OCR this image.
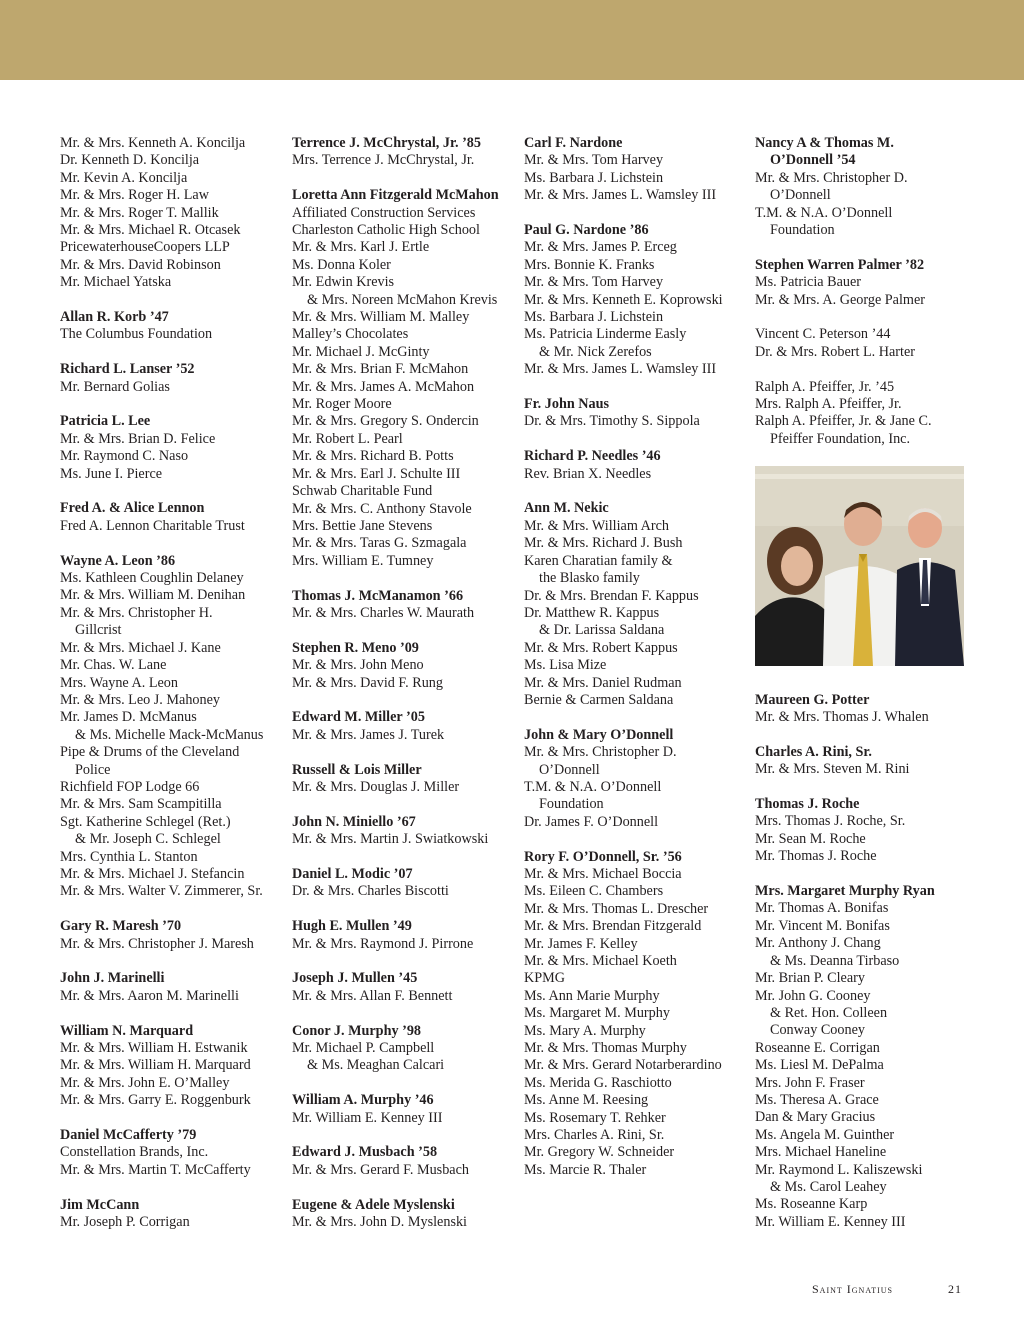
Mr. & Mrs. Kenneth A. Koncilja
Dr. Kenneth D. Koncilja
Mr. Kevin A. Koncilja
Mr. & Mrs. Roger H. Law
Mr. & Mrs. Roger T. Mallik
Mr. & Mrs. Michael R. Otcasek
PricewaterhouseCoopers LLP
Mr. & Mrs. David Robinson
Mr. Michael Yatska
Allan R. Korb ’47
The Columbus Foundation
Richard L. Lanser ’52
Mr. Bernard Golias
Patricia L. Lee
Mr. & Mrs. Brian D. Felice
Mr. Raymond C. Naso
Ms. June I. Pierce
Fred A. & Alice Lennon
Fred A. Lennon Charitable Trust
Wayne A. Leon ’86
Ms. Kathleen Coughlin Delaney
Mr. & Mrs. William M. Denihan
Mr. & Mrs. Christopher H.
Gillcrist
Mr. & Mrs. Michael J. Kane
Mr. Chas. W. Lane
Mrs. Wayne A. Leon
Mr. & Mrs. Leo J. Mahoney
Mr. James D. McManus
& Ms. Michelle Mack-McManus
Pipe & Drums of the Cleveland
Police
Richfield FOP Lodge 66
Mr. & Mrs. Sam Scampitilla
Sgt. Katherine Schlegel (Ret.)
& Mr. Joseph C. Schlegel
Mrs. Cynthia L. Stanton
Mr. & Mrs. Michael J. Stefancin
Mr. & Mrs. Walter V. Zimmerer, Sr.
Gary R. Maresh ’70
Mr. & Mrs. Christopher J. Maresh
John J. Marinelli
Mr. & Mrs. Aaron M. Marinelli
William N. Marquard
Mr. & Mrs. William H. Estwanik
Mr. & Mrs. William H. Marquard
Mr. & Mrs. John E. O’Malley
Mr. & Mrs. Garry E. Roggenburk
Daniel McCafferty ’79
Constellation Brands, Inc.
Mr. & Mrs. Martin T. McCafferty
Jim McCann
Mr. Joseph P. Corrigan
Terrence J. McChrystal, Jr. ’85
Mrs. Terrence J. McChrystal, Jr.
Loretta Ann Fitzgerald McMahon
Affiliated Construction Services
Charleston Catholic High School
Mr. & Mrs. Karl J. Ertle
Ms. Donna Koler
Mr. Edwin Krevis
& Mrs. Noreen McMahon Krevis
Mr. & Mrs. William M. Malley
Malley’s Chocolates
Mr. Michael J. McGinty
Mr. & Mrs. Brian F. McMahon
Mr. & Mrs. James A. McMahon
Mr. Roger Moore
Mr. & Mrs. Gregory S. Ondercin
Mr. Robert L. Pearl
Mr. & Mrs. Richard B. Potts
Mr. & Mrs. Earl J. Schulte III
Schwab Charitable Fund
Mr. & Mrs. C. Anthony Stavole
Mrs. Bettie Jane Stevens
Mr. & Mrs. Taras G. Szmagala
Mrs. William E. Tumney
Thomas J. McManamon ’66
Mr. & Mrs. Charles W. Maurath
Stephen R. Meno ’09
Mr. & Mrs. John Meno
Mr. & Mrs. David F. Rung
Edward M. Miller ’05
Mr. & Mrs. James J. Turek
Russell & Lois Miller
Mr. & Mrs. Douglas J. Miller
John N. Miniello ’67
Mr. & Mrs. Martin J. Swiatkowski
Daniel L. Modic ’07
Dr. & Mrs. Charles Biscotti
Hugh E. Mullen ’49
Mr. & Mrs. Raymond J. Pirrone
Joseph J. Mullen ’45
Mr. & Mrs. Allan F. Bennett
Conor J. Murphy ’98
Mr. Michael P. Campbell
& Ms. Meaghan Calcari
William A. Murphy ’46
Mr. William E. Kenney III
Edward J. Musbach ’58
Mr. & Mrs. Gerard F. Musbach
Eugene & Adele Myslenski
Mr. & Mrs. John D. Myslenski
Carl F. Nardone
Mr. & Mrs. Tom Harvey
Ms. Barbara J. Lichstein
Mr. & Mrs. James L. Wamsley III
Paul G. Nardone ’86
Mr. & Mrs. James P. Erceg
Mrs. Bonnie K. Franks
Mr. & Mrs. Tom Harvey
Mr. & Mrs. Kenneth E. Koprowski
Ms. Barbara J. Lichstein
Ms. Patricia Linderme Easly
& Mr. Nick Zerefos
Mr. & Mrs. James L. Wamsley III
Fr. John Naus
Dr. & Mrs. Timothy S. Sippola
Richard P. Needles ’46
Rev. Brian X. Needles
Ann M. Nekic
Mr. & Mrs. William Arch
Mr. & Mrs. Richard J. Bush
Karen Charatian family &
the Blasko family
Dr. & Mrs. Brendan F. Kappus
Dr. Matthew R. Kappus
& Dr. Larissa Saldana
Mr. & Mrs. Robert Kappus
Ms. Lisa Mize
Mr. & Mrs. Daniel Rudman
Bernie & Carmen Saldana
John & Mary O’Donnell
Mr. & Mrs. Christopher D.
O’Donnell
T.M. & N.A. O’Donnell
Foundation
Dr. James F. O’Donnell
Rory F. O’Donnell, Sr. ’56
Mr. & Mrs. Michael Boccia
Ms. Eileen C. Chambers
Mr. & Mrs. Thomas L. Drescher
Mr. & Mrs. Brendan Fitzgerald
Mr. James F. Kelley
Mr. & Mrs. Michael Koeth
KPMG
Ms. Ann Marie Murphy
Ms. Margaret M. Murphy
Ms. Mary A. Murphy
Mr. & Mrs. Thomas Murphy
Mr. & Mrs. Gerard Notarberardino
Ms. Merida G. Raschiotto
Ms. Anne M. Reesing
Ms. Rosemary T. Rehker
Mrs. Charles A. Rini, Sr.
Mr. Gregory W. Schneider
Ms. Marcie R. Thaler
Nancy A & Thomas M.
O’Donnell ’54
Mr. & Mrs. Christopher D.
O’Donnell
T.M. & N.A. O’Donnell
Foundation
Stephen Warren Palmer ’82
Ms. Patricia Bauer
Mr. & Mrs. A. George Palmer
Vincent C. Peterson ’44
Dr. & Mrs. Robert L. Harter
Ralph A. Pfeiffer, Jr. ’45
Mrs. Ralph A. Pfeiffer, Jr.
Ralph A. Pfeiffer, Jr. & Jane C.
Pfeiffer Foundation, Inc.
Maureen G. Potter
Mr. & Mrs. Thomas J. Whalen
Charles A. Rini, Sr.
Mr. & Mrs. Steven M. Rini
Thomas J. Roche
Mrs. Thomas J. Roche, Sr.
Mr. Sean M. Roche
Mr. Thomas J. Roche
Mrs. Margaret Murphy Ryan
Mr. Thomas A. Bonifas
Mr. Vincent M. Bonifas
Mr. Anthony J. Chang
& Ms. Deanna Tirbaso
Mr. Brian P. Cleary
Mr. John G. Cooney
& Ret. Hon. Colleen
Conway Cooney
Roseanne E. Corrigan
Ms. Liesl M. DePalma
Mrs. John F. Fraser
Ms. Theresa A. Grace
Dan & Mary Gracius
Ms. Angela M. Guinther
Mrs. Michael Haneline
Mr. Raymond L. Kaliszewski
& Ms. Carol Leahey
Ms. Roseanne Karp
Mr. William E. Kenney III
Saint Ignatius	21
